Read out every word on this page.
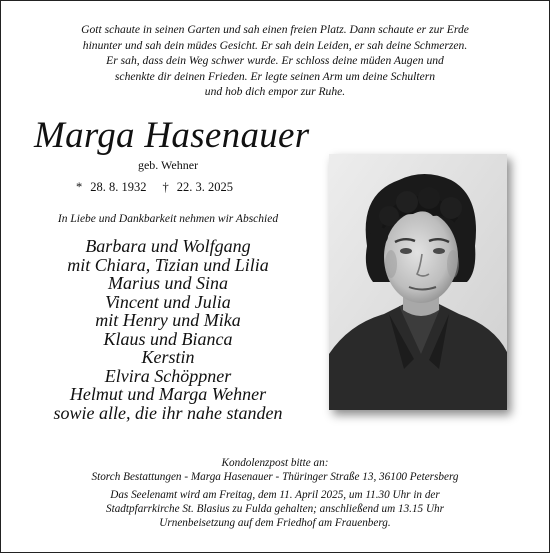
Gott schaute in seinen Garten und sah einen freien Platz. Dann schaute er zur Erde
hinunter und sah dein müdes Gesicht. Er sah dein Leiden, er sah deine Schmerzen.
Er sah, dass dein Weg schwer wurde. Er schloss deine müden Augen und
schenkte dir deinen Frieden. Er legte seinen Arm um deine Schultern
und hob dich empor zur Ruhe.
Marga Hasenauer
geb. Wehner
* 28. 8. 1932 † 22. 3. 2025
In Liebe und Dankbarkeit nehmen wir Abschied
Barbara und Wolfgang
mit Chiara, Tizian und Lilia
Marius und Sina
Vincent und Julia
mit Henry und Mika
Klaus und Bianca
Kerstin
Elvira Schöppner
Helmut und Marga Wehner
sowie alle, die ihr nahe standen
Kondolenzpost bitte an:
Storch Bestattungen - Marga Hasenauer - Thüringer Straße 13, 36100 Petersberg
Das Seelenamt wird am Freitag, dem 11. April 2025, um 11.30 Uhr in der
Stadtpfarrkirche St. Blasius zu Fulda gehalten; anschließend um 13.15 Uhr
Urnenbeisetzung auf dem Friedhof am Frauenberg.
